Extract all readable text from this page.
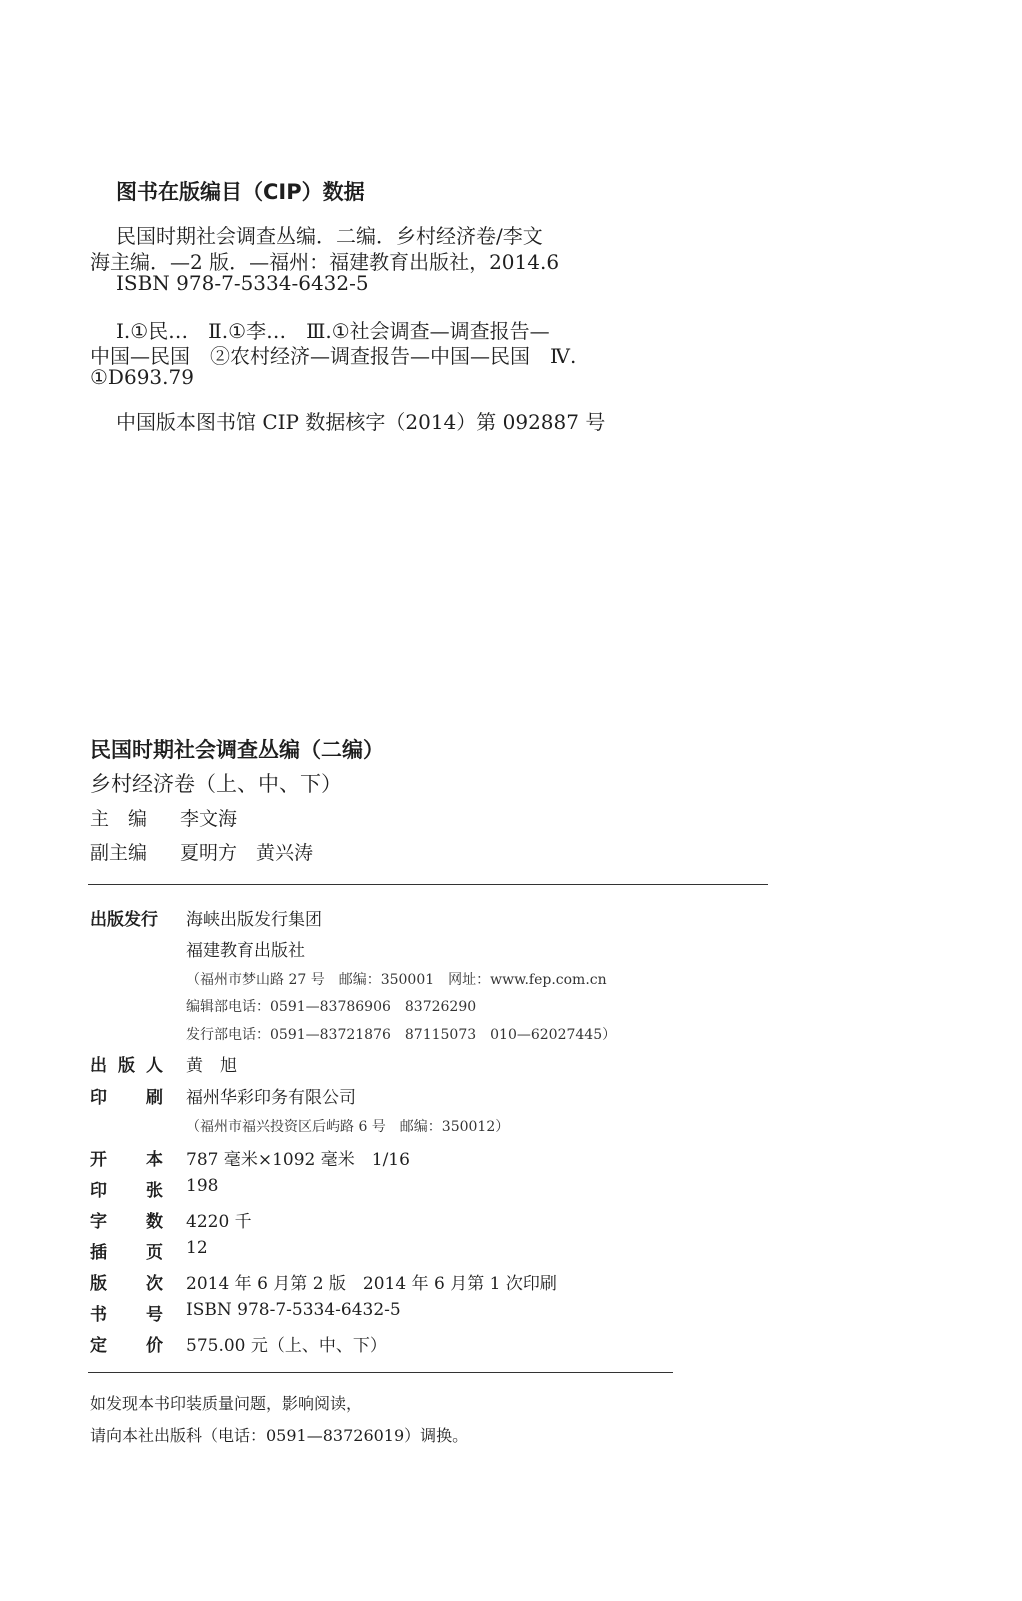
图书在版编目（CIP）数据
民国时期社会调查丛编．二编．乡村经济卷/李文
海主编．—2 版．—福州：福建教育出版社，2014.6
ISBN 978-7-5334-6432-5
Ⅰ.①民…　Ⅱ.①李…　Ⅲ.①社会调查—调查报告—
中国—民国　②农村经济—调查报告—中国—民国　Ⅳ.
①D693.79
中国版本图书馆 CIP 数据核字（2014）第 092887 号
民国时期社会调查丛编（二编）
乡村经济卷（上、中、下）
主　编 李文海
副主编 夏明方　黄兴涛
出版发行	海峡出版发行集团
福建教育出版社
（福州市梦山路 27 号　邮编：350001　网址：www.fep.com.cn
编辑部电话：0591—83786906　83726290
发行部电话：0591—83721876　87115073　010—62027445）
出 版 人 黄　旭
印 刷 福州华彩印务有限公司
（福州市福兴投资区后屿路 6 号　邮编：350012）
开 本 787 毫米×1092 毫米　1/16
印 张 198
字 数 4220 千
插 页 12
版 次 2014 年 6 月第 2 版　2014 年 6 月第 1 次印刷
书 号 ISBN 978-7-5334-6432-5
定 价 575.00 元（上、中、下）
如发现本书印装质量问题，影响阅读，
请向本社出版科（电话：0591—83726019）调换。
